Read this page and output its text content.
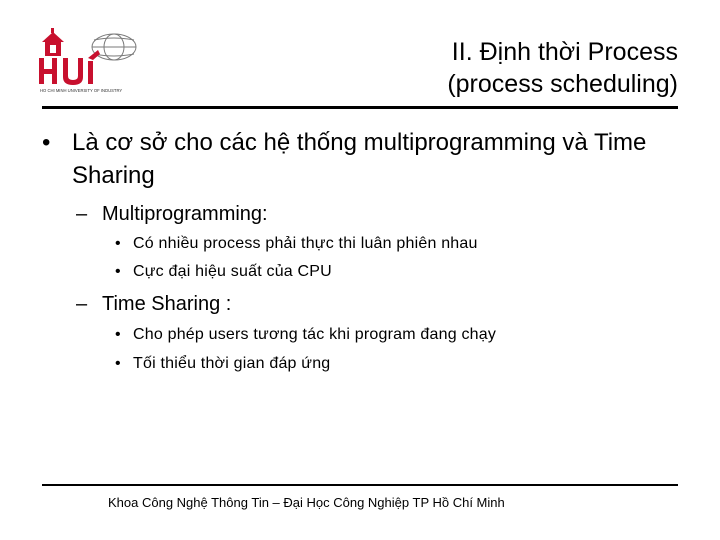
HO CHI MINH UNIVERSITY OF INDUSTRY
II. Định thời Process
(process scheduling)
• Là cơ sở cho các hệ thống multiprogramming và Time Sharing
– Multiprogramming:
• Có nhiều process phải thực thi luân phiên nhau
• Cực đại hiệu suất của CPU
– Time Sharing :
• Cho phép users tương tác khi program đang chạy
• Tối thiểu thời gian đáp ứng
Khoa Công Nghệ Thông Tin – Đại Học Công Nghiệp TP Hồ Chí Minh
